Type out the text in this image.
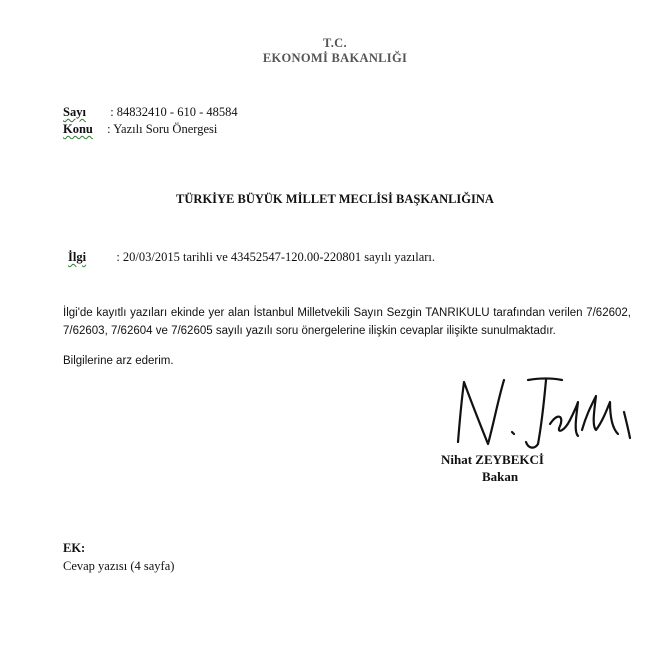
T.C.
EKONOMİ BAKANLIĞI
Sayı : 84832410 - 610 - 48584
Konu : Yazılı Soru Önergesi
TÜRKİYE BÜYÜK MİLLET MECLİSİ BAŞKANLIĞINA
İlgi : 20/03/2015 tarihli ve 43452547-120.00-220801 sayılı yazıları.
İlgi'de kayıtlı yazıları ekinde yer alan İstanbul Milletvekili Sayın Sezgin TANRIKULU tarafından verilen 7/62602, 7/62603, 7/62604 ve 7/62605 sayılı yazılı soru önergelerine ilişkin cevaplar ilişikte sunulmaktadır.
Bilgilerine arz ederim.
Nihat ZEYBEKCİ
Bakan
EK:
Cevap yazısı (4 sayfa)
